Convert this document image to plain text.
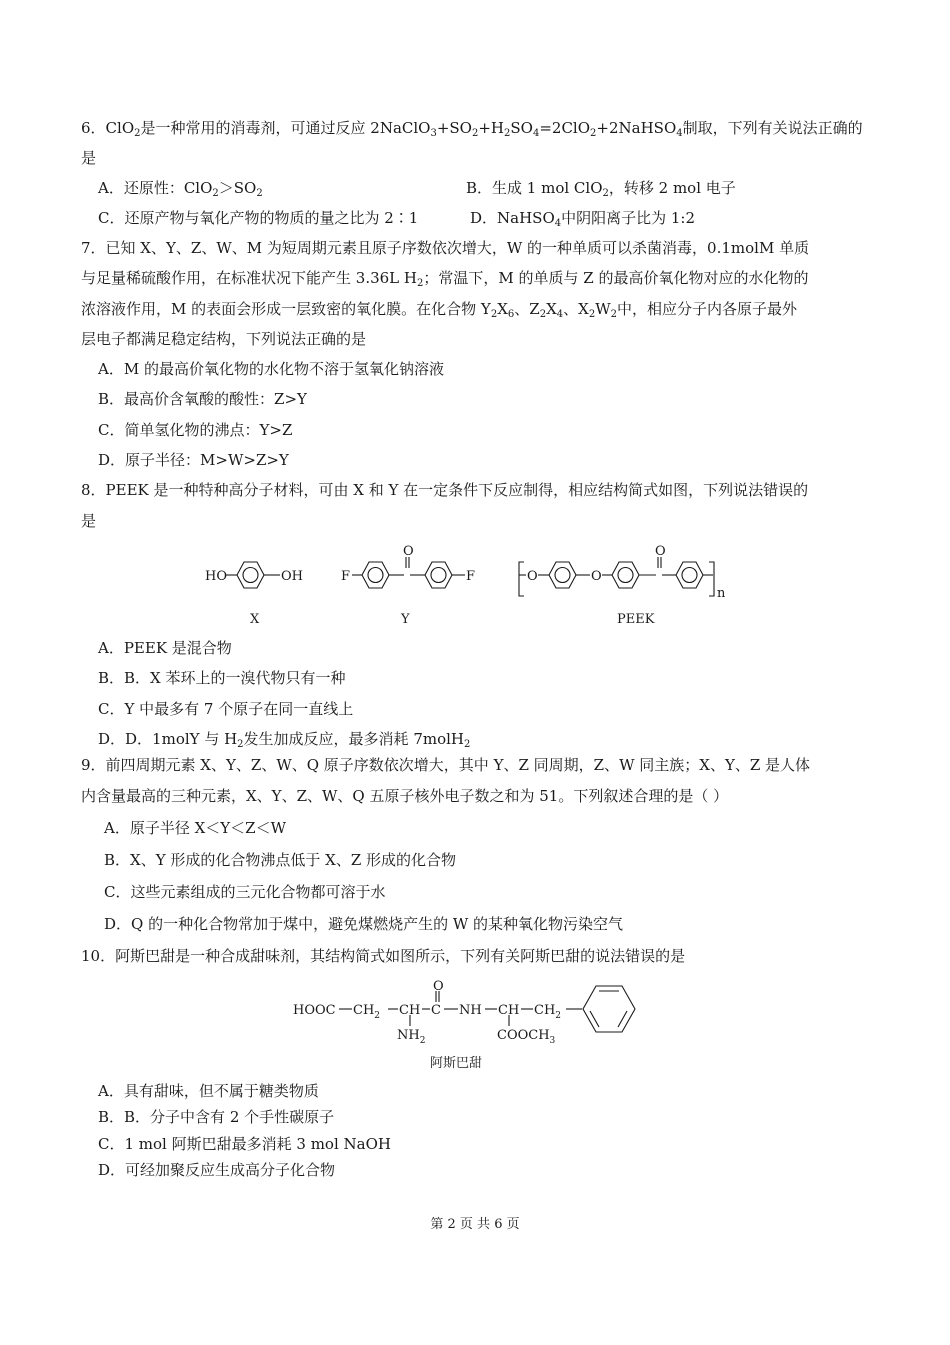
6．ClO$_2$是一种常用的消毒剂，可通过反应 $2NaClO_3+SO_2+H_2SO_4=2ClO_2+2NaHSO_4$制取，下列有关说法正确的
是
A．还原性：$ClO_2>SO_2$	B．生成 1 mol ClO$_2$，转移 2 mol 电子
C．还原产物与氧化产物的物质的量之比为 2∶1	D．NaHSO$_4$中阴阳离子比为 1:2
7．已知 X、Y、Z、W、M 为短周期元素且原子序数依次增大，W 的一种单质可以杀菌消毒，0.1molM 单质
与足量稀硫酸作用，在标准状况下能产生 3.36L $H_2$；常温下，M 的单质与 Z 的最高价氧化物对应的水化物的
浓溶液作用，M 的表面会形成一层致密的氧化膜。在化合物 $Y_2X_6$、$Z_2X_4$、$X_2W_2$中，相应分子内各原子最外
层电子都满足稳定结构，下列说法正确的是
A．M 的最高价氧化物的水化物不溶于氢氧化钠溶液
B．最高价含氧酸的酸性：Z>Y
C．简单氢化物的沸点：Y>Z
D．原子半径：M>W>Z>Y
8．PEEK 是一种特种高分子材料，可由 X 和 Y 在一定条件下反应制得，相应结构简式如图，下列说法错误的
是
HO	OH	F	F
O
O	O
O
n
X	Y	PEEK
A．PEEK 是混合物
B．B．X 苯环上的一溴代物只有一种
C．Y 中最多有 7 个原子在同一直线上
D．D．1molY 与 $H_2$发生加成反应，最多消耗 7molH$_2$
9．前四周期元素 X、Y、Z、W、Q 原子序数依次增大，其中 Y、Z 同周期，Z、W 同主族；X、Y、Z 是人体
内含量最高的三种元素，X、Y、Z、W、Q 五原子核外电子数之和为 51。下列叙述合理的是（ ）
A．原子半径 X＜Y＜Z＜W
B．X、Y 形成的化合物沸点低于 X、Z 形成的化合物
C．这些元素组成的三元化合物都可溶于水
D．Q 的一种化合物常加于煤中，避免煤燃烧产生的 W 的某种氧化物污染空气
10．阿斯巴甜是一种合成甜味剂，其结构简式如图所示，下列有关阿斯巴甜的说法错误的是
HOOC $CH_2$ CH C
O
NH CH $CH_2$
$NH_2$	$COOCH_3$
阿斯巴甜
A．具有甜味，但不属于糖类物质
B．B．分子中含有 2 个手性碳原子
C．1 mol 阿斯巴甜最多消耗 3 mol NaOH
D．可经加聚反应生成高分子化合物
第 2 页 共 6 页
